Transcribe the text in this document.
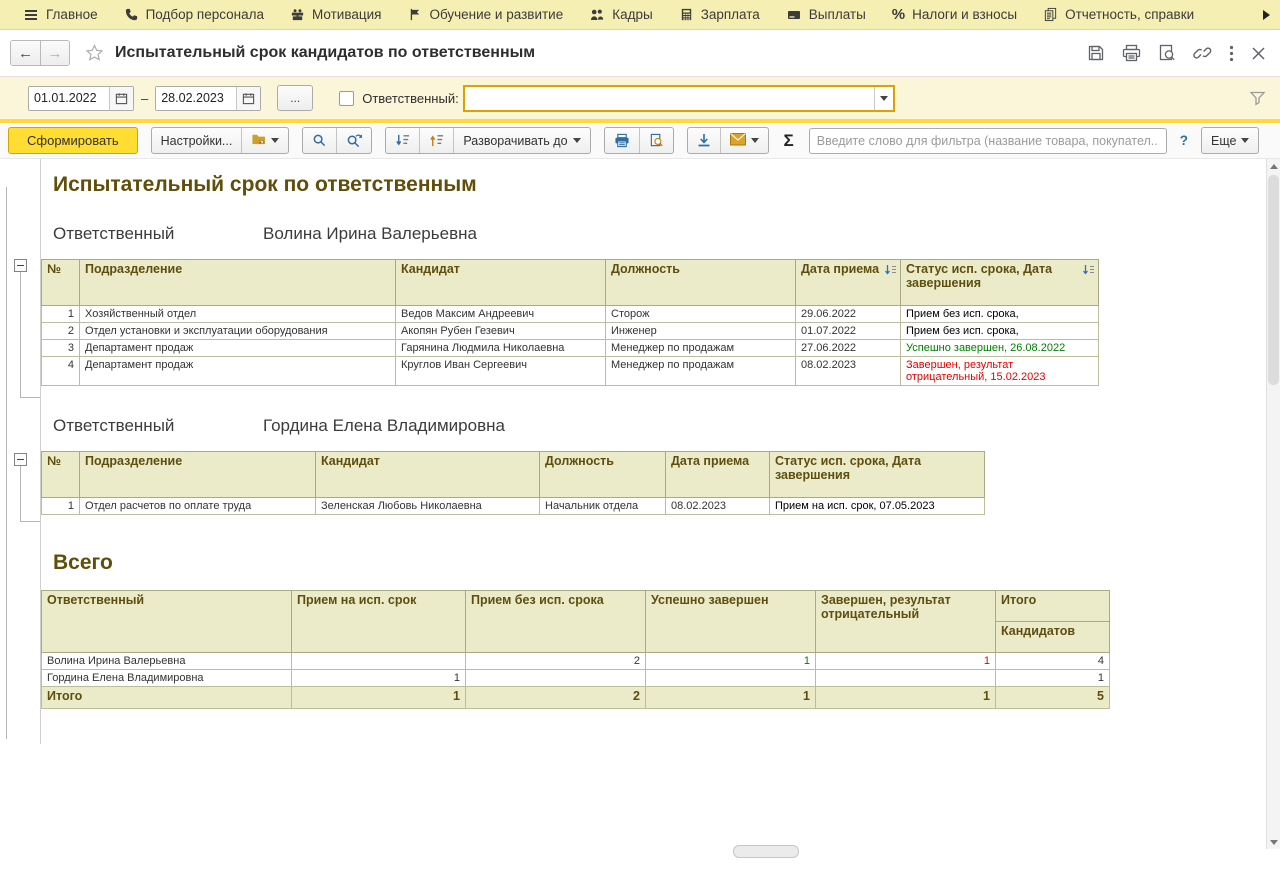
Главное	Подбор персонала	Мотивация	Обучение и развитие	Кадры	Зарплата	Выплаты % Налоги и взносы	Отчетность, справки
← →	Испытательный срок кандидатов по ответственным
01.01.2022
–
28.02.2023	...	Ответственный:
Сформировать	Настройки...	Разворачивать до	Σ
Введите слово для фильтра (название товара, покупател...	? Еще
Испытательный срок по ответственным
Ответственный	Волина Ирина Валерьевна
№	Подразделение	Кандидат	Должность	Дата приема	Статус исп. срока, Дата завершения

1	Хозяйственный отдел	Ведов Максим Андреевич	Сторож	29.06.2022	Прием без исп. срока,
2	Отдел установки и эксплуатации оборудования	Акопян Рубен Гезевич	Инженер	01.07.2022	Прием без исп. срока,
3	Департамент продаж	Гарянина Людмила Николаевна	Менеджер по продажам	27.06.2022	Успешно завершен, 26.08.2022
4	Департамент продаж	Круглов Иван Сергеевич	Менеджер по продажам	08.02.2023	Завершен, результат отрицательный, 15.02.2023
Ответственный	Гордина Елена Владимировна
№	Подразделение	Кандидат	Должность	Дата приема	Статус исп. срока, Дата завершения
1	Отдел расчетов по оплате труда	Зеленская Любовь Николаевна	Начальник отдела	08.02.2023	Прием на исп. срок, 07.05.2023
Всего
Ответственный	Прием на исп. срок	Прием без исп. срока	Успешно завершен	Завершен, результат отрицательный	Итого
					Кандидатов
Волина Ирина Валерьевна		2	1	1	4
Гордина Елена Владимировна	1				1
Итого	1	2	1	1	5
